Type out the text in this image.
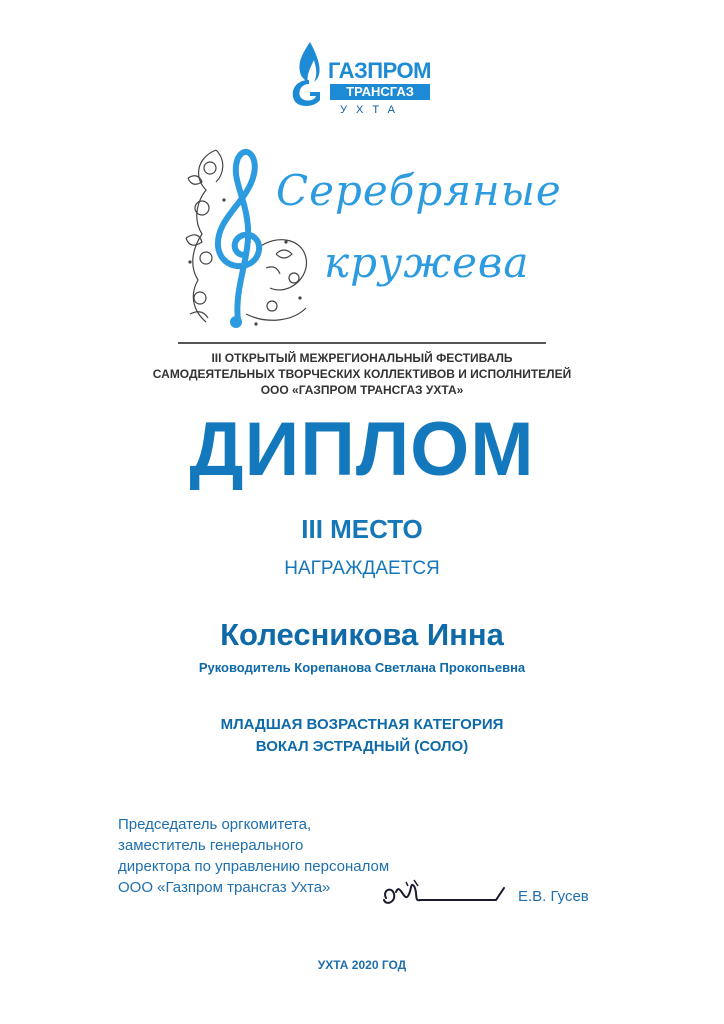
ГАЗПРОМ
ТРАНСГАЗ
УХТА
Серебряные
кружева
III ОТКРЫТЫЙ МЕЖРЕГИОНАЛЬНЫЙ ФЕСТИВАЛЬ
САМОДЕЯТЕЛЬНЫХ ТВОРЧЕСКИХ КОЛЛЕКТИВОВ И ИСПОЛНИТЕЛЕЙ
ООО «ГАЗПРОМ ТРАНСГАЗ УХТА»
ДИПЛОМ
III МЕСТО
НАГРАЖДАЕТСЯ
Колесникова Инна
Руководитель Корепанова Светлана Прокопьевна
МЛАДШАЯ ВОЗРАСТНАЯ КАТЕГОРИЯ
ВОКАЛ ЭСТРАДНЫЙ (СОЛО)
Председатель оргкомитета,
заместитель генерального
директора по управлению персоналом
ООО «Газпром трансгаз Ухта»
Е.В. Гусев
УХТА 2020 ГОД
